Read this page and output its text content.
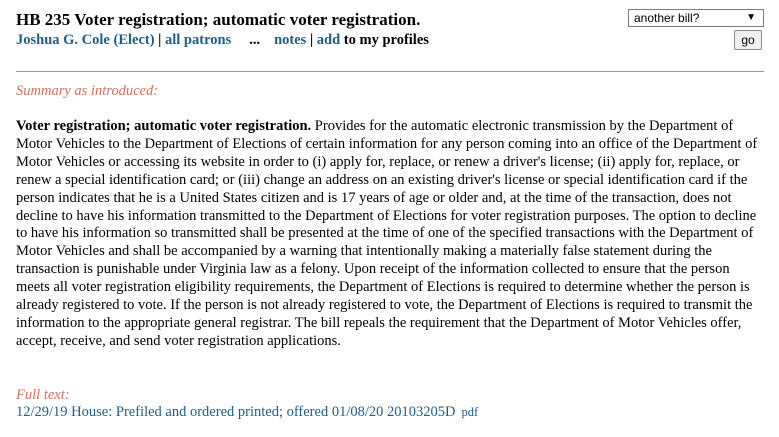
HB 235 Voter registration; automatic voter registration.
Joshua G. Cole (Elect) | all patrons ... notes | add to my profiles
another bill?	▼
go
Summary as introduced:
Voter registration; automatic voter registration. Provides for the automatic electronic transmission by the Department of Motor Vehicles to the Department of Elections of certain information for any person coming into an office of the Department of Motor Vehicles or accessing its website in order to (i) apply for, replace, or renew a driver's license; (ii) apply for, replace, or renew a special identification card; or (iii) change an address on an existing driver's license or special identification card if the person indicates that he is a United States citizen and is 17 years of age or older and, at the time of the transaction, does not decline to have his information transmitted to the Department of Elections for voter registration purposes. The option to decline to have his information so transmitted shall be presented at the time of one of the specified transactions with the Department of Motor Vehicles and shall be accompanied by a warning that intentionally making a materially false statement during the transaction is punishable under Virginia law as a felony. Upon receipt of the information collected to ensure that the person meets all voter registration eligibility requirements, the Department of Elections is required to determine whether the person is already registered to vote. If the person is not already registered to vote, the Department of Elections is required to transmit the information to the appropriate general registrar. The bill repeals the requirement that the Department of Motor Vehicles offer, accept, receive, and send voter registration applications.
Full text:
12/29/19 House: Prefiled and ordered printed; offered 01/08/20 20103205D pdf
